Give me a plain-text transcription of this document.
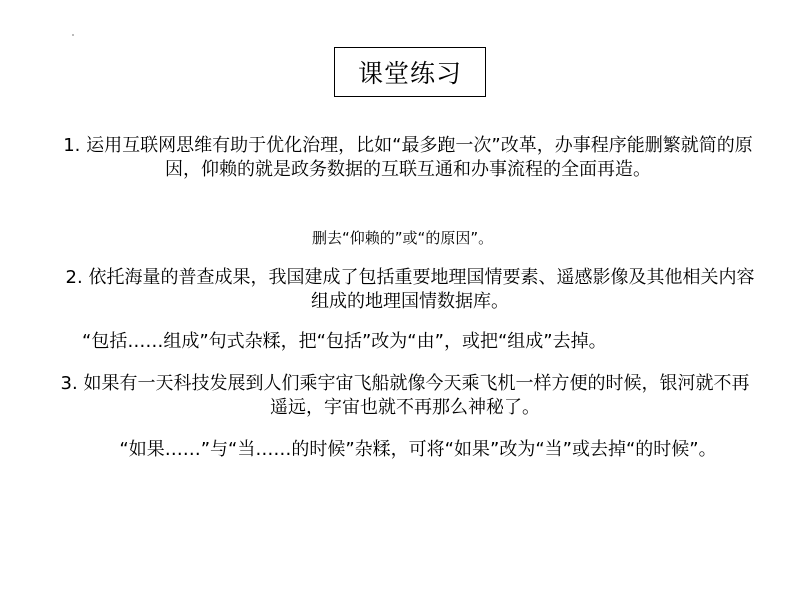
课堂练习

1. 运用互联网思维有助于优化治理，比如“最多跑一次”改革，办事程序能删繁就简的原因，仰赖的就是政务数据的互联互通和办事流程的全面再造。

删去“仰赖的”或“的原因”。

2. 依托海量的普查成果，我国建成了包括重要地理国情要素、遥感影像及其他相关内容组成的地理国情数据库。

“包括……组成”句式杂糅，把“包括”改为“由”，或把“组成”去掉。

3. 如果有一天科技发展到人们乘宇宙飞船就像今天乘飞机一样方便的时候，银河就不再遥远，宇宙也就不再那么神秘了。

“如果……”与“当……的时候”杂糅，可将“如果”改为“当”或去掉“的时候”。
